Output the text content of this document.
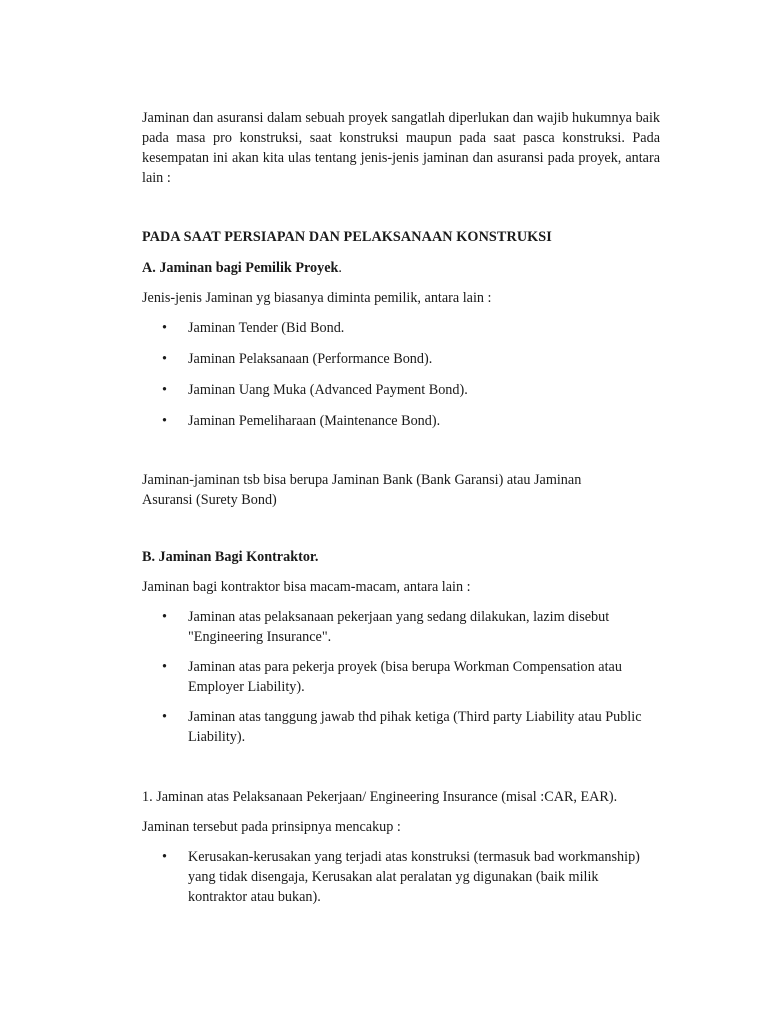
Jaminan dan asuransi dalam sebuah proyek sangatlah diperlukan dan wajib hukumnya baik pada masa pro konstruksi, saat konstruksi maupun pada saat pasca konstruksi. Pada kesempatan ini akan kita ulas tentang jenis-jenis jaminan dan asuransi pada proyek, antara lain :

PADA SAAT PERSIAPAN DAN PELAKSANAAN KONSTRUKSI

A. Jaminan bagi Pemilik Proyek.

Jenis-jenis Jaminan yg biasanya diminta pemilik, antara lain :

• Jaminan Tender (Bid Bond.
• Jaminan Pelaksanaan (Performance Bond).
• Jaminan Uang Muka (Advanced Payment Bond).
• Jaminan Pemeliharaan (Maintenance Bond).

Jaminan-jaminan tsb bisa berupa Jaminan Bank (Bank Garansi) atau Jaminan Asuransi (Surety Bond)

B. Jaminan Bagi Kontraktor.

Jaminan bagi kontraktor bisa macam-macam, antara lain :

• Jaminan atas pelaksanaan pekerjaan yang sedang dilakukan, lazim disebut "Engineering Insurance".
• Jaminan atas para pekerja proyek (bisa berupa Workman Compensation atau Employer Liability).
• Jaminan atas tanggung jawab thd pihak ketiga (Third party Liability atau Public Liability).

1. Jaminan atas Pelaksanaan Pekerjaan/ Engineering Insurance (misal :CAR, EAR).

Jaminan tersebut pada prinsipnya mencakup :

• Kerusakan-kerusakan yang terjadi atas konstruksi (termasuk bad workmanship) yang tidak disengaja, Kerusakan alat peralatan yg digunakan (baik milik kontraktor atau bukan).
